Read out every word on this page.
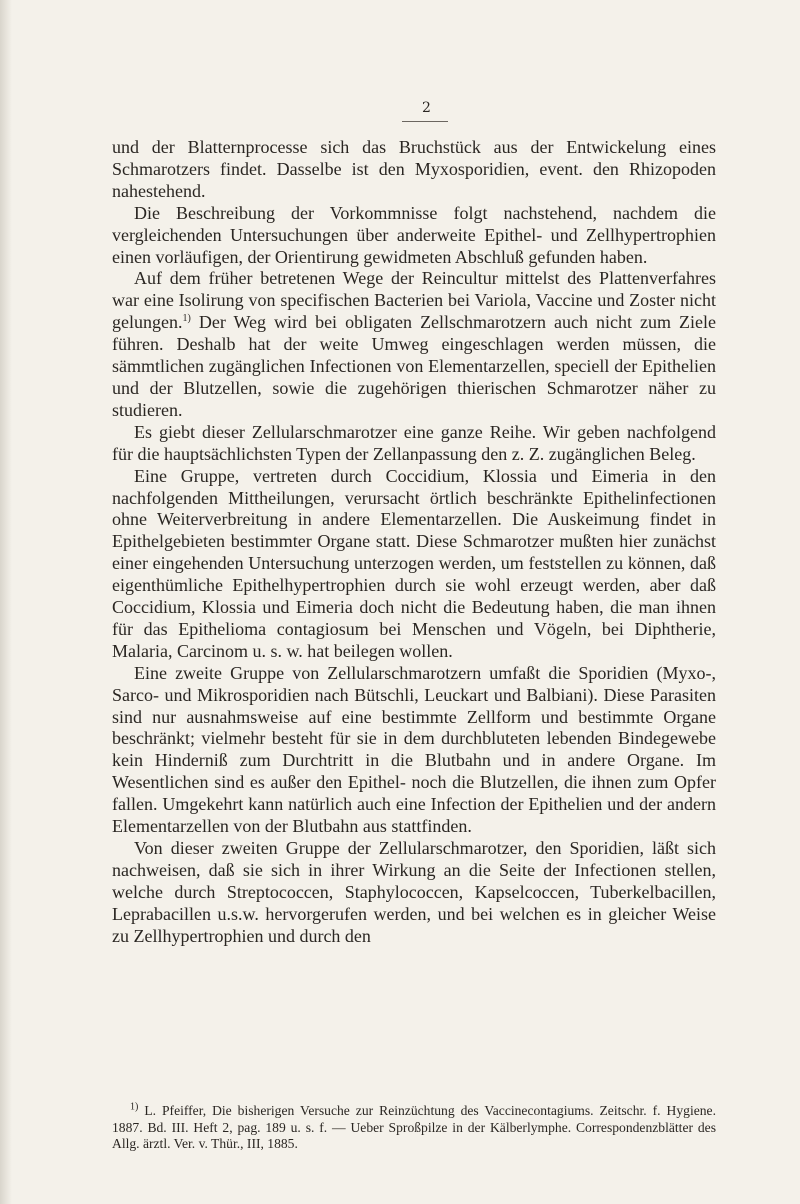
2

und der Blatternprocesse sich das Bruchstück aus der Entwickelung eines Schmarotzers findet. Dasselbe ist den Myxosporidien, event. den Rhizopoden nahestehend.

Die Beschreibung der Vorkommnisse folgt nachstehend, nachdem die vergleichenden Untersuchungen über anderweite Epithel- und Zellhypertrophien einen vorläufigen, der Orientirung gewidmeten Abschluß gefunden haben.

Auf dem früher betretenen Wege der Reincultur mittelst des Plattenverfahres war eine Isolirung von specifischen Bacterien bei Variola, Vaccine und Zoster nicht gelungen.$^{1)}$ Der Weg wird bei obligaten Zellschmarotzern auch nicht zum Ziele führen. Deshalb hat der weite Umweg eingeschlagen werden müssen, die sämmtlichen zugänglichen Infectionen von Elementarzellen, speciell der Epithelien und der Blutzellen, sowie die zugehörigen thierischen Schmarotzer näher zu studieren.

Es giebt dieser Zellularschmarotzer eine ganze Reihe. Wir geben nachfolgend für die hauptsächlichsten Typen der Zellanpassung den z. Z. zugänglichen Beleg.

Eine Gruppe, vertreten durch Coccidium, Klossia und Eimeria in den nachfolgenden Mittheilungen, verursacht örtlich beschränkte Epithelinfectionen ohne Weiterverbreitung in andere Elementarzellen. Die Auskeimung findet in Epithelgebieten bestimmter Organe statt. Diese Schmarotzer mußten hier zunächst einer eingehenden Untersuchung unterzogen werden, um feststellen zu können, daß eigenthümliche Epithelhypertrophien durch sie wohl erzeugt werden, aber daß Coccidium, Klossia und Eimeria doch nicht die Bedeutung haben, die man ihnen für das Epithelioma contagiosum bei Menschen und Vögeln, bei Diphtherie, Malaria, Carcinom u. s. w. hat beilegen wollen.

Eine zweite Gruppe von Zellularschmarotzern umfaßt die Sporidien (Myxo-, Sarco- und Mikrosporidien nach Bütschli, Leuckart und Balbiani). Diese Parasiten sind nur ausnahmsweise auf eine bestimmte Zellform und bestimmte Organe beschränkt; vielmehr besteht für sie in dem durchbluteten lebenden Bindegewebe kein Hinderniß zum Durchtritt in die Blutbahn und in andere Organe. Im Wesentlichen sind es außer den Epithel- noch die Blutzellen, die ihnen zum Opfer fallen. Umgekehrt kann natürlich auch eine Infection der Epithelien und der andern Elementarzellen von der Blutbahn aus stattfinden.

Von dieser zweiten Gruppe der Zellularschmarotzer, den Sporidien, läßt sich nachweisen, daß sie sich in ihrer Wirkung an die Seite der Infectionen stellen, welche durch Streptococcen, Staphylococcen, Kapselcoccen, Tuberkelbacillen, Leprabacillen u.s.w. hervorgerufen werden, und bei welchen es in gleicher Weise zu Zellhypertrophien und durch den

$^{1)}$ L. Pfeiffer, Die bisherigen Versuche zur Reinzüchtung des Vaccinecontagiums. Zeitschr. f. Hygiene. 1887. Bd. III. Heft 2, pag. 189 u. s. f. — Ueber Sproßpilze in der Kälberlymphe. Correspondenzblätter des Allg. ärztl. Ver. v. Thür., III, 1885.
